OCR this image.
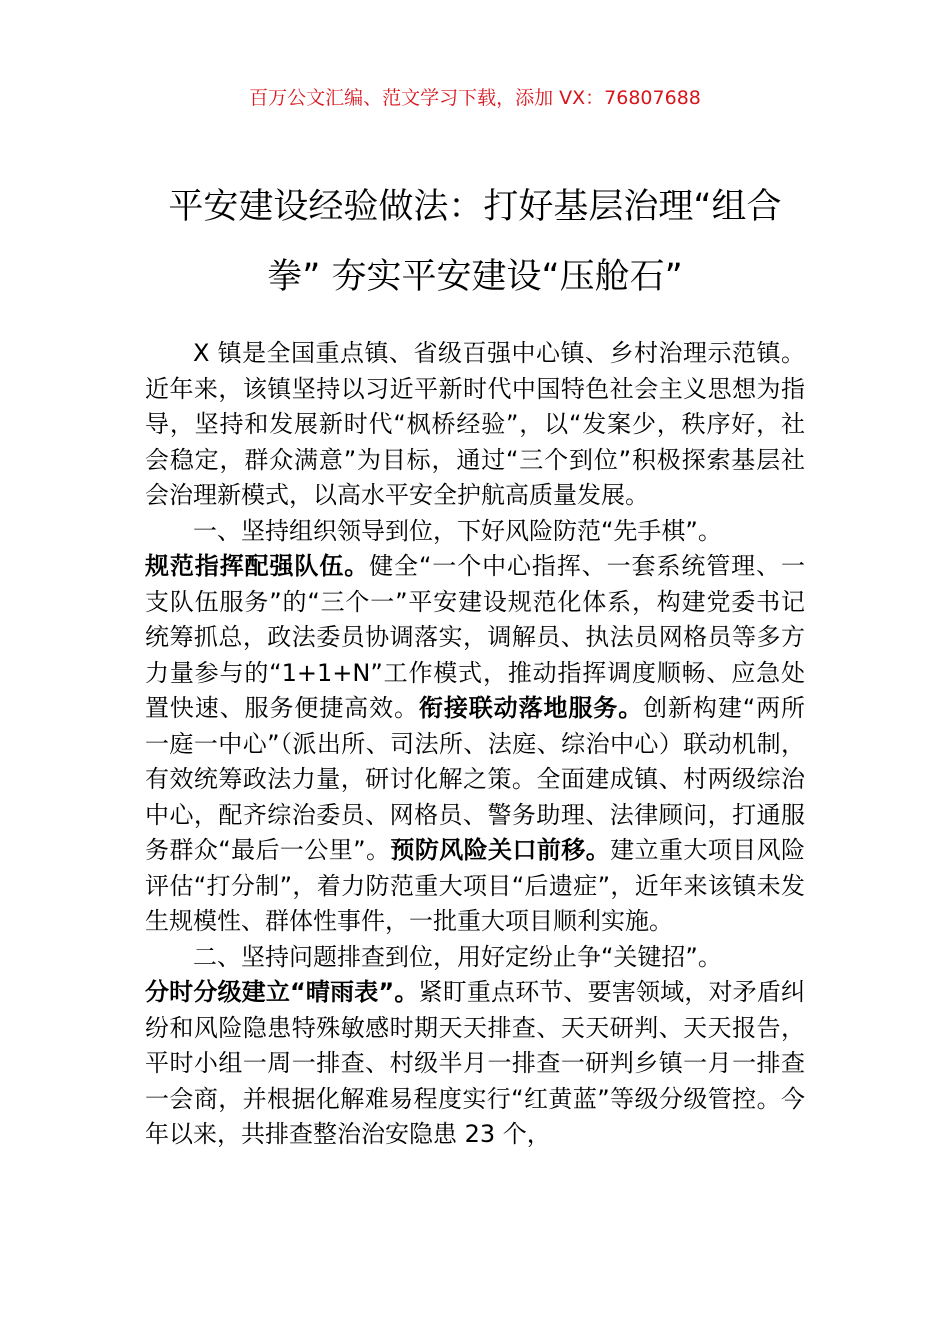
百万公文汇编、范文学习下载，添加 VX：76807688
平安建设经验做法：打好基层治理“组合
拳” 夯实平安建设“压舱石”

X 镇是全国重点镇、省级百强中心镇、乡村治理示范镇。近年来，该镇坚持以习近平新时代中国特色社会主义思想为指导，坚持和发展新时代“枫桥经验”，以“发案少，秩序好，社会稳定，群众满意”为目标，通过“三个到位”积极探索基层社会治理新模式，以高水平安全护航高质量发展。

一、坚持组织领导到位，下好风险防范“先手棋”。
规范指挥配强队伍。健全“一个中心指挥、一套系统管理、一支队伍服务”的“三个一”平安建设规范化体系，构建党委书记统筹抓总，政法委员协调落实，调解员、执法员网格员等多方力量参与的“1+1+N”工作模式，推动指挥调度顺畅、应急处置快速、服务便捷高效。衔接联动落地服务。创新构建“两所一庭一中心”（派出所、司法所、法庭、综治中心）联动机制，有效统筹政法力量，研讨化解之策。全面建成镇、村两级综治中心，配齐综治委员、网格员、警务助理、法律顾问，打通服务群众“最后一公里”。预防风险关口前移。建立重大项目风险评估“打分制”，着力防范重大项目“后遗症”，近年来该镇未发生规模性、群体性事件，一批重大项目顺利实施。

二、坚持问题排查到位，用好定纷止争“关键招”。
分时分级建立“晴雨表”。紧盯重点环节、要害领域，对矛盾纠纷和风险隐患特殊敏感时期天天排查、天天研判、天天报告，平时小组一周一排查、村级半月一排查一研判乡镇一月一排查一会商，并根据化解难易程度实行“红黄蓝”等级分级管控。今年以来，共排查整治治安隐患 23 个，
